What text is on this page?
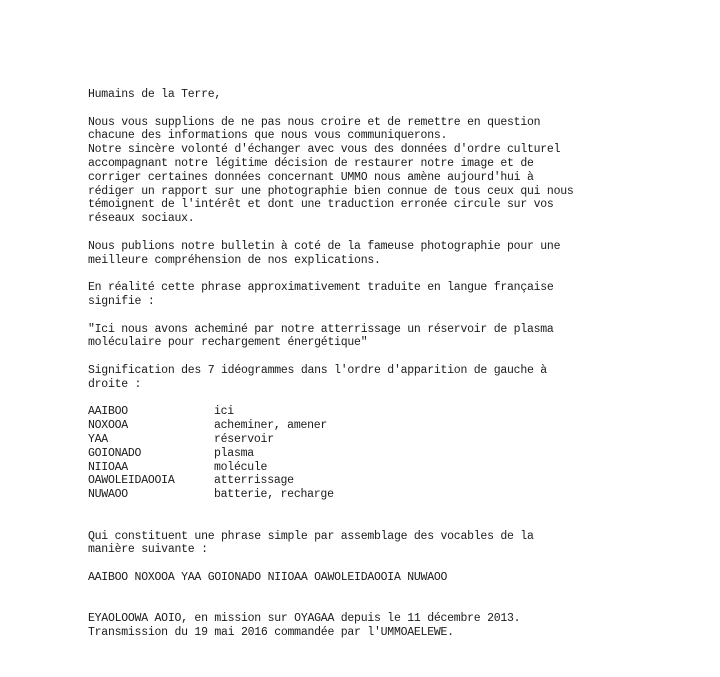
Humains de la Terre,
Nous vous supplions de ne pas nous croire et de remettre en question
chacune des informations que nous vous communiquerons.
Notre sincère volonté d'échanger avec vous des données d'ordre culturel
accompagnant notre légitime décision de restaurer notre image et de
corriger certaines données concernant UMMO nous amène aujourd'hui à
rédiger un rapport sur une photographie bien connue de tous ceux qui nous
témoignent de l'intérêt et dont une traduction erronée circule sur vos
réseaux sociaux.
Nous publions notre bulletin à coté de la fameuse photographie pour une
meilleure compréhension de nos explications.
En réalité cette phrase approximativement traduite en langue française
signifie :
"Ici nous avons acheminé par notre atterrissage un réservoir de plasma
moléculaire pour rechargement énergétique"
Signification des 7 idéogrammes dans l'ordre d'apparition de gauche à
droite :
AAIBOO	ici
NOXOOA	acheminer, amener
YAA	réservoir
GOIONADO	plasma
NIIOAA	molécule
OAWOLEIDAOOIA	atterrissage
NUWAOO	batterie, recharge
Qui constituent une phrase simple par assemblage des vocables de la
manière suivante :
AAIBOO NOXOOA YAA GOIONADO NIIOAA OAWOLEIDAOOIA NUWAOO
EYAOLOOWA AOIO, en mission sur OYAGAA depuis le 11 décembre 2013.
Transmission du 19 mai 2016 commandée par l'UMMOAELEWE.
